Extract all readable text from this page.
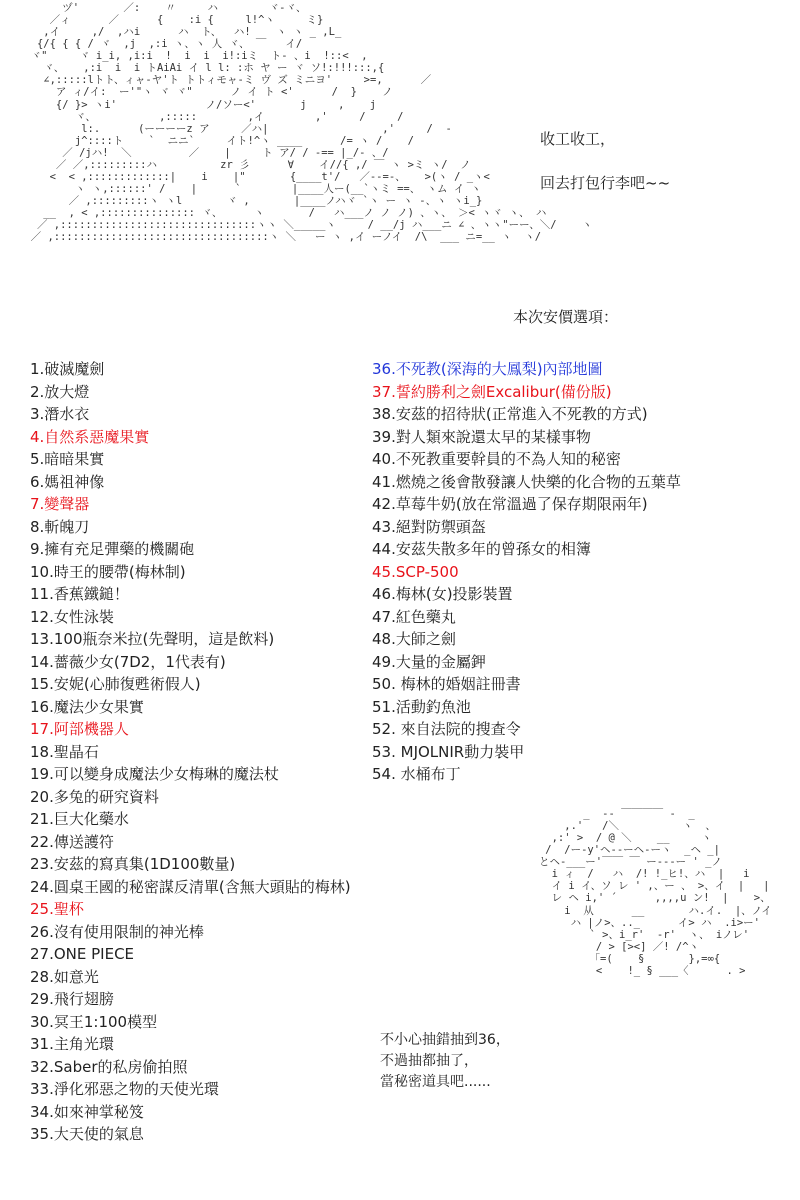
ヅ'       ／:    〃     ハ        ヾ-ヾ、
／ィ      ／      {    :i {     l!^ヽ     ミ}
,イ     ,/  ,ハi      ハ  ト、  ハ!    ヽ ヽ _ ,L_
{/{ { { / ヾ  ,j  ,:i ヽ、ヽ 人 ヾ、 ￣   イ/
ヾ"     ヾ i_i, ,i:i  !  i  i  i!:iミ  ト- 、i  !::<  ,
ヾ、   ,:i  i  i トAiAi イ l l: :ホ ヤ ー ヾ ソ!:!!!:::,{
∠,:::::lトト、ィャ-ヤ'ト トトィモャ-ミ ヴ ズ ミニヨ'     >=,      ／
ア ィ/イ:  ー'"ヽ ヾ ヾ"      ノ イ ト <'      /  }    ノ
{/ }> ヽi'              ノ/ソー<'       j     ,    j
ヾ、          ,:::::        ,イ        ,'     /     /
l:.      (ーーーーz ア     ／ハ|                  ,'     /  -
j^::::ト    `  ニニ`     イト!^ヽ ____      /= ヽ /    /
／ /jハ!  ＼         ／    |     ト ア/ / -== |_/- 、/
／ ／,:::::::::ハ          zr 彡      ∀    イ//{ ,/ ￣ ヽ >ミ ヽ/  ノ
<  < ,:::::::::::::|    i    |"       {____t'/   ／--=-、   >(ヽ / _ヽ<
ヽ ヽ,::::::' /    |      `        |____人ー(__`ヽミ ==、 ヽム イ ヽ
／ ,:::::::::ヽ ヽl       ヾ ,       |____ノハヾ `ヽ ー ヽ -、ヽ ヽi_}
__  , < ,::::::::::::::: ヾ、     ヽ       /   ハ___ノ ノ ノ) 、ヽ、 ＞< ヽヾ ヽ、 ハ
／ ,:::::::::::::::::::::::::::::::ヽヽ ＼_____ヽ     / __/j ハ___ニ ∠ 、ヽヽ"ーー、＼/    ヽ
／ ,::::::::::::::::::::::::::::::::::ヽ ＼   ー ヽ ,イ ーノイ  /\  ___ ニ=__ ヽ  ヽ/
收工收工，
回去打包行李吧~~
本次安價選項：
1.破滅魔劍
2.放大燈
3.潛水衣
4.自然系惡魔果實
5.暗暗果實
6.媽祖神像
7.變聲器
8.斬魄刀
9.擁有充足彈藥的機關砲
10.時王的腰帶(梅林制)
11.香蕉鐵鎚！
12.女性泳裝
13.100瓶奈米拉(先聲明，這是飲料)
14.薔薇少女(7D2，1代表有)
15.安妮(心肺復甦術假人)
16.魔法少女果實
17.阿部機器人
18.聖晶石
19.可以變身成魔法少女梅琳的魔法杖
20.多兔的研究資料
21.巨大化藥水
22.傳送護符
23.安茲的寫真集(1D100數量)
24.圓桌王國的秘密謀反清單(含無大頭貼的梅林)
25.聖杯
26.沒有使用限制的神光棒
27.ONE PIECE
28.如意光
29.飛行翅膀
30.冥王1:100模型
31.主角光環
32.Saber的私房偷拍照
33.淨化邪惡之物的天使光環
34.如來神掌秘笈
35.大天使的氣息
36.不死教(深海的大鳳梨)內部地圖
37.誓約勝利之劍Excalibur(備份版)
38.安茲的招待狀(正常進入不死教的方式)
39.對人類來說還太早的某樣事物
40.不死教重要幹員的不為人知的秘密
41.燃燒之後會散發讓人快樂的化合物的五葉草
42.草莓牛奶(放在常溫過了保存期限兩年)
43.絕對防禦頭盔
44.安茲失散多年的曾孫女的相簿
45.SCP-500
46.梅林(女)投影裝置
47.紅色藥丸
48.大師之劍
49.大量的金屬鉀
50. 梅林的婚姻註冊書
51.活動釣魚池
52. 來自法院的搜查令
53. MJOLNIR動力裝甲
54. 水桶布丁
_  -‐ ￣￣￣￣ ‐  _
,.'   /＼          ヽ  、
,:' >  / @ ＼    __     ヽ
/  /ー-y'ヘ--ーヘ-ーヽ  _ヘ _|
とヘ-___ー'￣￣ ￣ ー---ー ' _ノ
i ィ  /   ハ  /! !_ヒ!、ハ  |   i
イ i イ、ソ レ ' ,、ー 、 >、イ  |   |
レ ヘ i,' ´      ,,,,u ン!  |    >、
i  从      __       ハ.イ.  |、ノイ
ハ |ノ>、.._      イ> ハ  .i>ー'
` >、i_r'  -r'  ヽ、 iノレ'
/ > [><] ／! /^ヽ
「=(    §       },=∞{
<    !_ § ___〈      . >
不小心抽錯抽到36，
不過抽都抽了，
當秘密道具吧......
